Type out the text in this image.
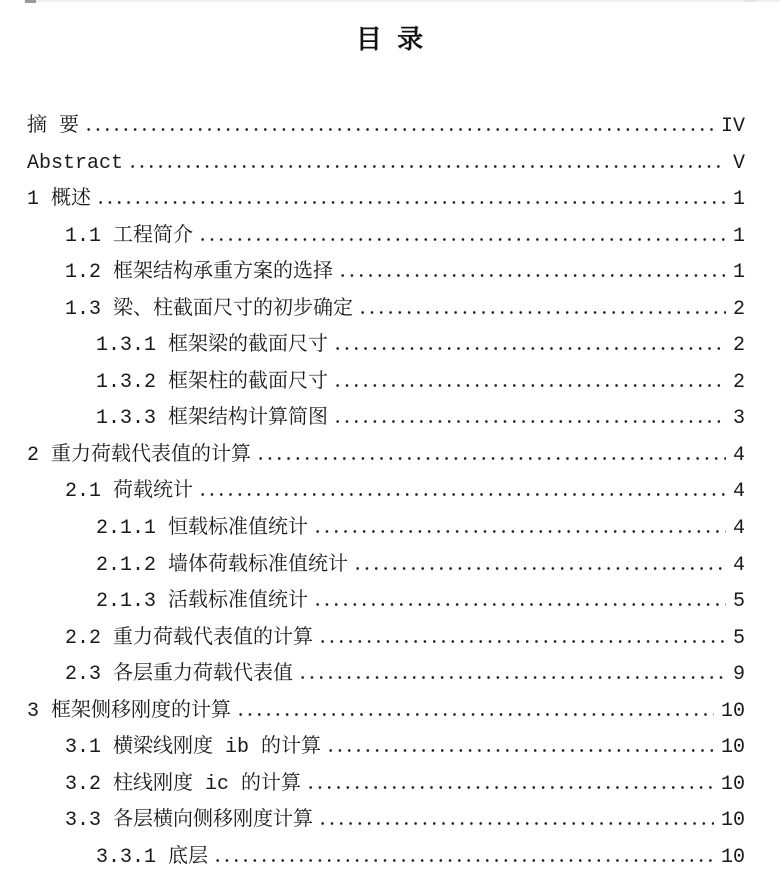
目 录
摘 要	IV
Abstract	V
1 概述	1
1.1 工程简介	1
1.2 框架结构承重方案的选择	1
1.3 梁、柱截面尺寸的初步确定	2
1.3.1 框架梁的截面尺寸	2
1.3.2 框架柱的截面尺寸	2
1.3.3 框架结构计算简图	3
2 重力荷载代表值的计算	4
2.1 荷载统计	4
2.1.1 恒载标准值统计	4
2.1.2 墙体荷载标准值统计	4
2.1.3 活载标准值统计	5
2.2 重力荷载代表值的计算	5
2.3 各层重力荷载代表值	9
3 框架侧移刚度的计算	10
3.1 横梁线刚度 ib 的计算	10
3.2 柱线刚度 ic 的计算	10
3.3 各层横向侧移刚度计算	10
3.3.1 底层	10
